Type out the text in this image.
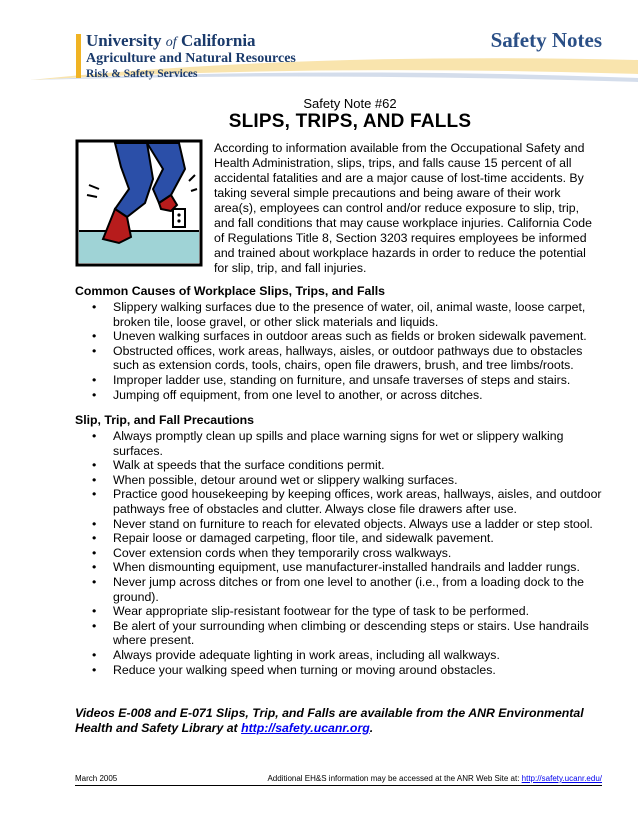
University of California
Agriculture and Natural Resources
Risk & Safety Services
Safety Notes
Safety Note #62
SLIPS, TRIPS, AND FALLS
According to information available from the Occupational Safety and Health Administration, slips, trips, and falls cause 15 percent of all accidental fatalities and are a major cause of lost-time accidents. By taking several simple precautions and being aware of their work area(s), employees can control and/or reduce exposure to slip, trip, and fall conditions that may cause workplace injuries. California Code of Regulations Title 8, Section 3203 requires employees be informed and trained about workplace hazards in order to reduce the potential for slip, trip, and fall injuries.
Common Causes of Workplace Slips, Trips, and Falls
• Slippery walking surfaces due to the presence of water, oil, animal waste, loose carpet, broken tile, loose gravel, or other slick materials and liquids.
• Uneven walking surfaces in outdoor areas such as fields or broken sidewalk pavement.
• Obstructed offices, work areas, hallways, aisles, or outdoor pathways due to obstacles such as extension cords, tools, chairs, open file drawers, brush, and tree limbs/roots.
• Improper ladder use, standing on furniture, and unsafe traverses of steps and stairs.
• Jumping off equipment, from one level to another, or across ditches.
Slip, Trip, and Fall Precautions
• Always promptly clean up spills and place warning signs for wet or slippery walking surfaces.
• Walk at speeds that the surface conditions permit.
• When possible, detour around wet or slippery walking surfaces.
• Practice good housekeeping by keeping offices, work areas, hallways, aisles, and outdoor pathways free of obstacles and clutter. Always close file drawers after use.
• Never stand on furniture to reach for elevated objects. Always use a ladder or step stool.
• Repair loose or damaged carpeting, floor tile, and sidewalk pavement.
• Cover extension cords when they temporarily cross walkways.
• When dismounting equipment, use manufacturer-installed handrails and ladder rungs.
• Never jump across ditches or from one level to another (i.e., from a loading dock to the ground).
• Wear appropriate slip-resistant footwear for the type of task to be performed.
• Be alert of your surrounding when climbing or descending steps or stairs. Use handrails where present.
• Always provide adequate lighting in work areas, including all walkways.
• Reduce your walking speed when turning or moving around obstacles.
Videos E-008 and E-071 Slips, Trip, and Falls are available from the ANR Environmental Health and Safety Library at http://safety.ucanr.org.
March 2005	Additional EH&S information may be accessed at the ANR Web Site at: http://safety.ucanr.edu/
